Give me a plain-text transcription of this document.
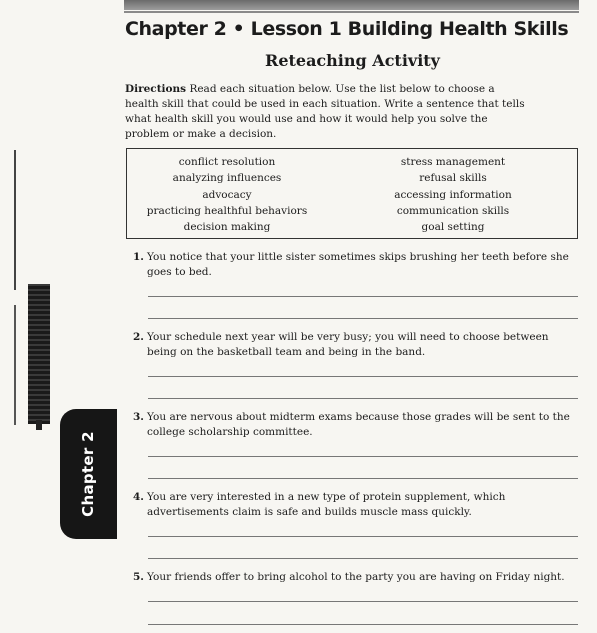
Chapter 2
Chapter 2 • Lesson 1 Building Health Skills
Reteaching Activity
Directions Read each situation below. Use the list below to choose a health skill that could be used in each situation. Write a sentence that tells what health skill you would use and how it would help you solve the problem or make a decision.
conflict resolution
analyzing influences
advocacy
practicing healthful behaviors
decision making
stress management
refusal skills
accessing information
communication skills
goal setting
1. You notice that your little sister sometimes skips brushing her teeth before she goes to bed.
2. Your schedule next year will be very busy; you will need to choose between being on the basketball team and being in the band.
3. You are nervous about midterm exams because those grades will be sent to the college scholarship committee.
4. You are very interested in a new type of protein supplement, which advertisements claim is safe and builds muscle mass quickly.
5. Your friends offer to bring alcohol to the party you are having on Friday night.
